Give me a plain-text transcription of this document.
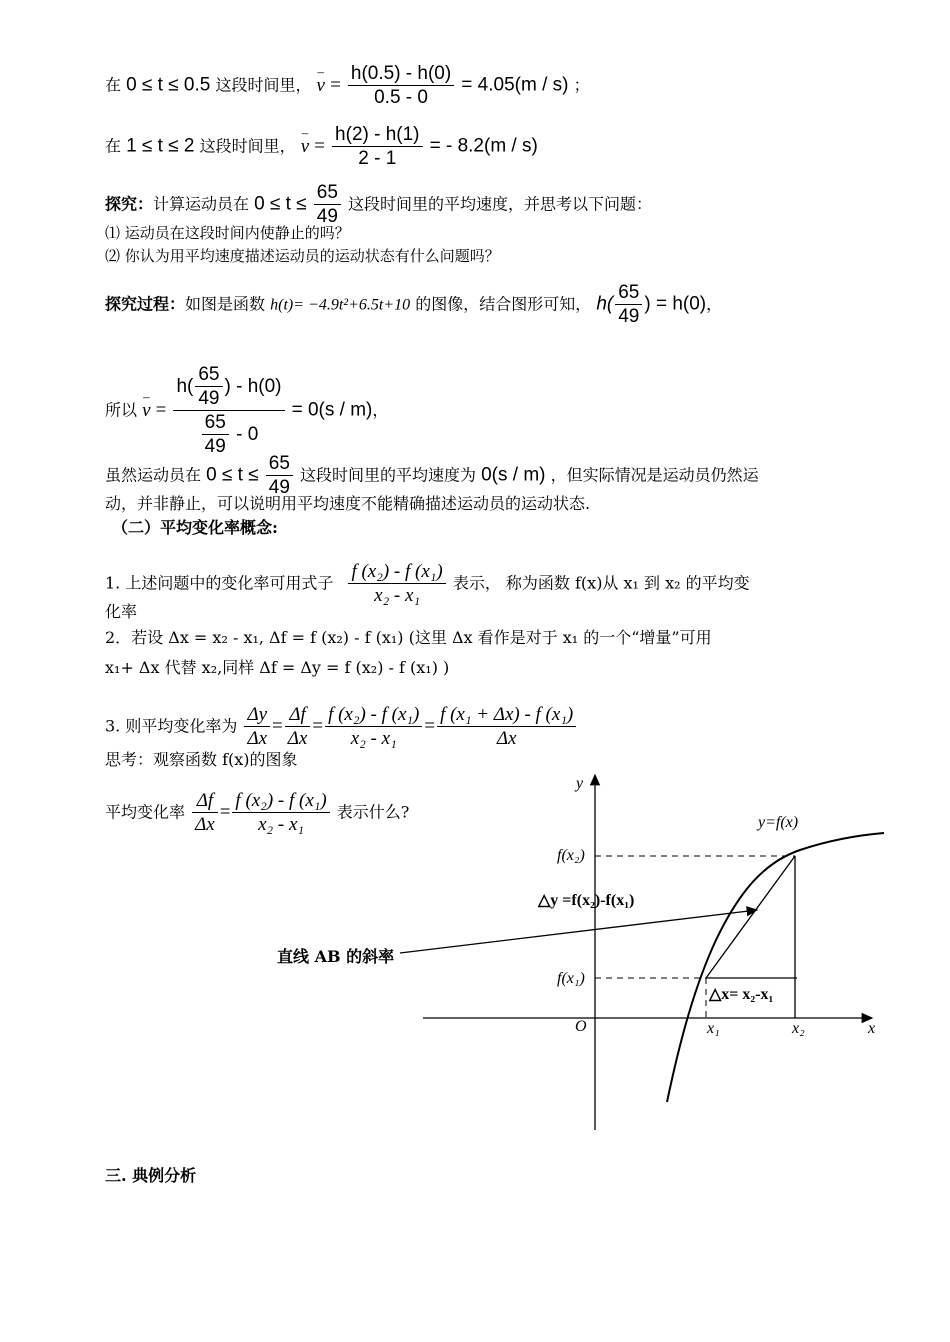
在 0 ≤ t ≤ 0.5 这段时间里， – $v = \frac{h(0.5) - h(0)}{0.5 - 0} = 4.05(m / s)$ ；
在 1 ≤ t ≤ 2 这段时间里， – $v = \frac{h(2) - h(1)}{2 - 1}$ = - 8.2(m / s)
探究：计算运动员在 $0 \le t \le \frac{65}{49}$ 这段时间里的平均速度，并思考以下问题：
⑴ 运动员在这段时间内使静止的吗？
⑵ 你认为用平均速度描述运动员的运动状态有什么问题吗？
探究过程：如图是函数 h(t)= −4.9t²+6.5t+10 的图像，结合图形可知， $h( \frac{65}{49}$ ) = h(0)，
所以 – $v = \frac{h( \frac{65}{49} ) - h(0)}{\frac{65}{49} - 0} = 0(s / m)$，
虽然运动员在 $0 \le t \le \frac{65}{49}$ 这段时间里的平均速度为 0(s / m) ，但实际情况是运动员仍然运
动，并非静止，可以说明用平均速度不能精确描述运动员的运动状态.
（二）平均变化率概念:
1. 上述问题中的变化率可用式子 $\frac{\text{f (x₂) - f (x₁)}}{\text{x₂ - x₁}}$ 表示， 称为函数 f(x)从 x₁ 到 x₂ 的平均变
化率
2．若设 Δx = x₂ - x₁, Δf = f (x₂) - f (x₁) (这里 Δx 看作是对于 x₁ 的一个“增量”可用
x₁+ Δx 代替 x₂,同样 Δf = Δy = f (x₂) - f (x₁) )
3. 则平均变化率为 $\frac{\Delta y}{\Delta x} = \frac{\Delta f}{\Delta x} = \frac{\text{f (x₂) - f (x₁)}}{\text{x₂ - x₁}} = \frac{\text{f (x₁ + Δx) - f (x₁)}}{\Delta x}$
思考：观察函数 f(x)的图象
平均变化率 $\frac{\Delta f}{\Delta x} = \frac{\text{f (x₂) - f (x₁)}}{\text{x₂ - x₁}}$ 表示什么?
y
x
O
y=f(x)
f(x₂)
f(x₁)
x₁	x₂
△y =f(x₂)-f(x₁)
△x= x₂-x₁
直线 AB 的斜率
三. 典例分析
